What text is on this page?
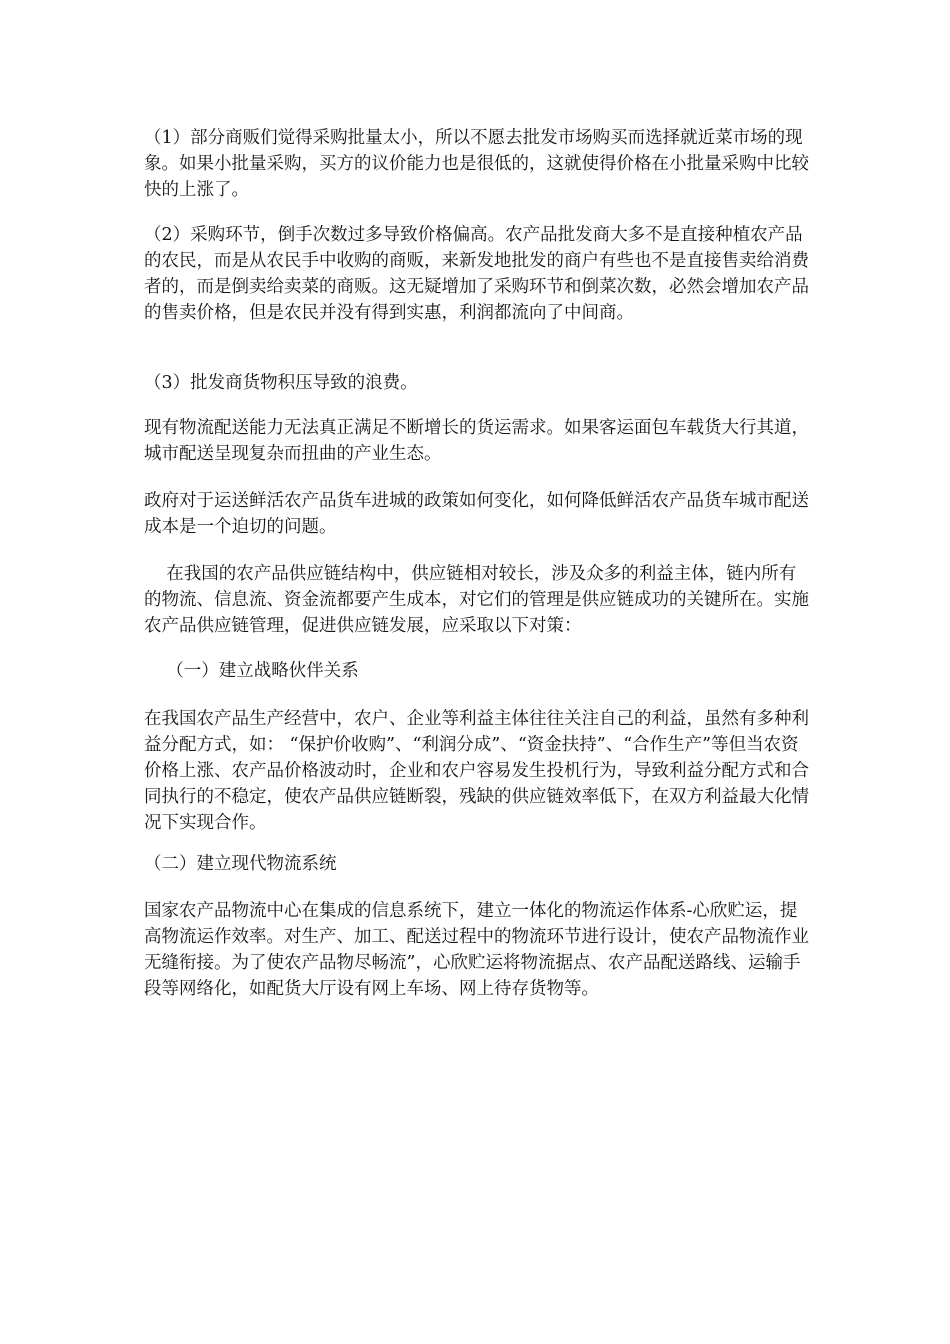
（1）部分商贩们觉得采购批量太小，所以不愿去批发市场购买而选择就近菜市场的现象。如果小批量采购，买方的议价能力也是很低的，这就使得价格在小批量采购中比较快的上涨了。

（2）采购环节，倒手次数过多导致价格偏高。农产品批发商大多不是直接种植农产品的农民，而是从农民手中收购的商贩，来新发地批发的商户有些也不是直接售卖给消费者的，而是倒卖给卖菜的商贩。这无疑增加了采购环节和倒菜次数，必然会增加农产品的售卖价格，但是农民并没有得到实惠，利润都流向了中间商。

（3）批发商货物积压导致的浪费。

现有物流配送能力无法真正满足不断增长的货运需求。如果客运面包车载货大行其道，城市配送呈现复杂而扭曲的产业生态。

政府对于运送鲜活农产品货车进城的政策如何变化，如何降低鲜活农产品货车城市配送成本是一个迫切的问题。

在我国的农产品供应链结构中，供应链相对较长，涉及众多的利益主体，链内所有的物流、信息流、资金流都要产生成本，对它们的管理是供应链成功的关键所在。实施农产品供应链管理，促进供应链发展，应采取以下对策：

（一）建立战略伙伴关系

在我国农产品生产经营中，农户、企业等利益主体往往关注自己的利益，虽然有多种利益分配方式，如： “保护价收购”、“利润分成”、“资金扶持”、“合作生产”等但当农资价格上涨、农产品价格波动时，企业和农户容易发生投机行为，导致利益分配方式和合同执行的不稳定，使农产品供应链断裂，残缺的供应链效率低下，在双方利益最大化情况下实现合作。

（二）建立现代物流系统

国家农产品物流中心在集成的信息系统下，建立一体化的物流运作体系-心欣贮运，提高物流运作效率。对生产、加工、配送过程中的物流环节进行设计，使农产品物流作业无缝衔接。为了使农产品物尽畅流”，心欣贮运将物流据点、农产品配送路线、运输手段等网络化，如配货大厅设有网上车场、网上待存货物等。
